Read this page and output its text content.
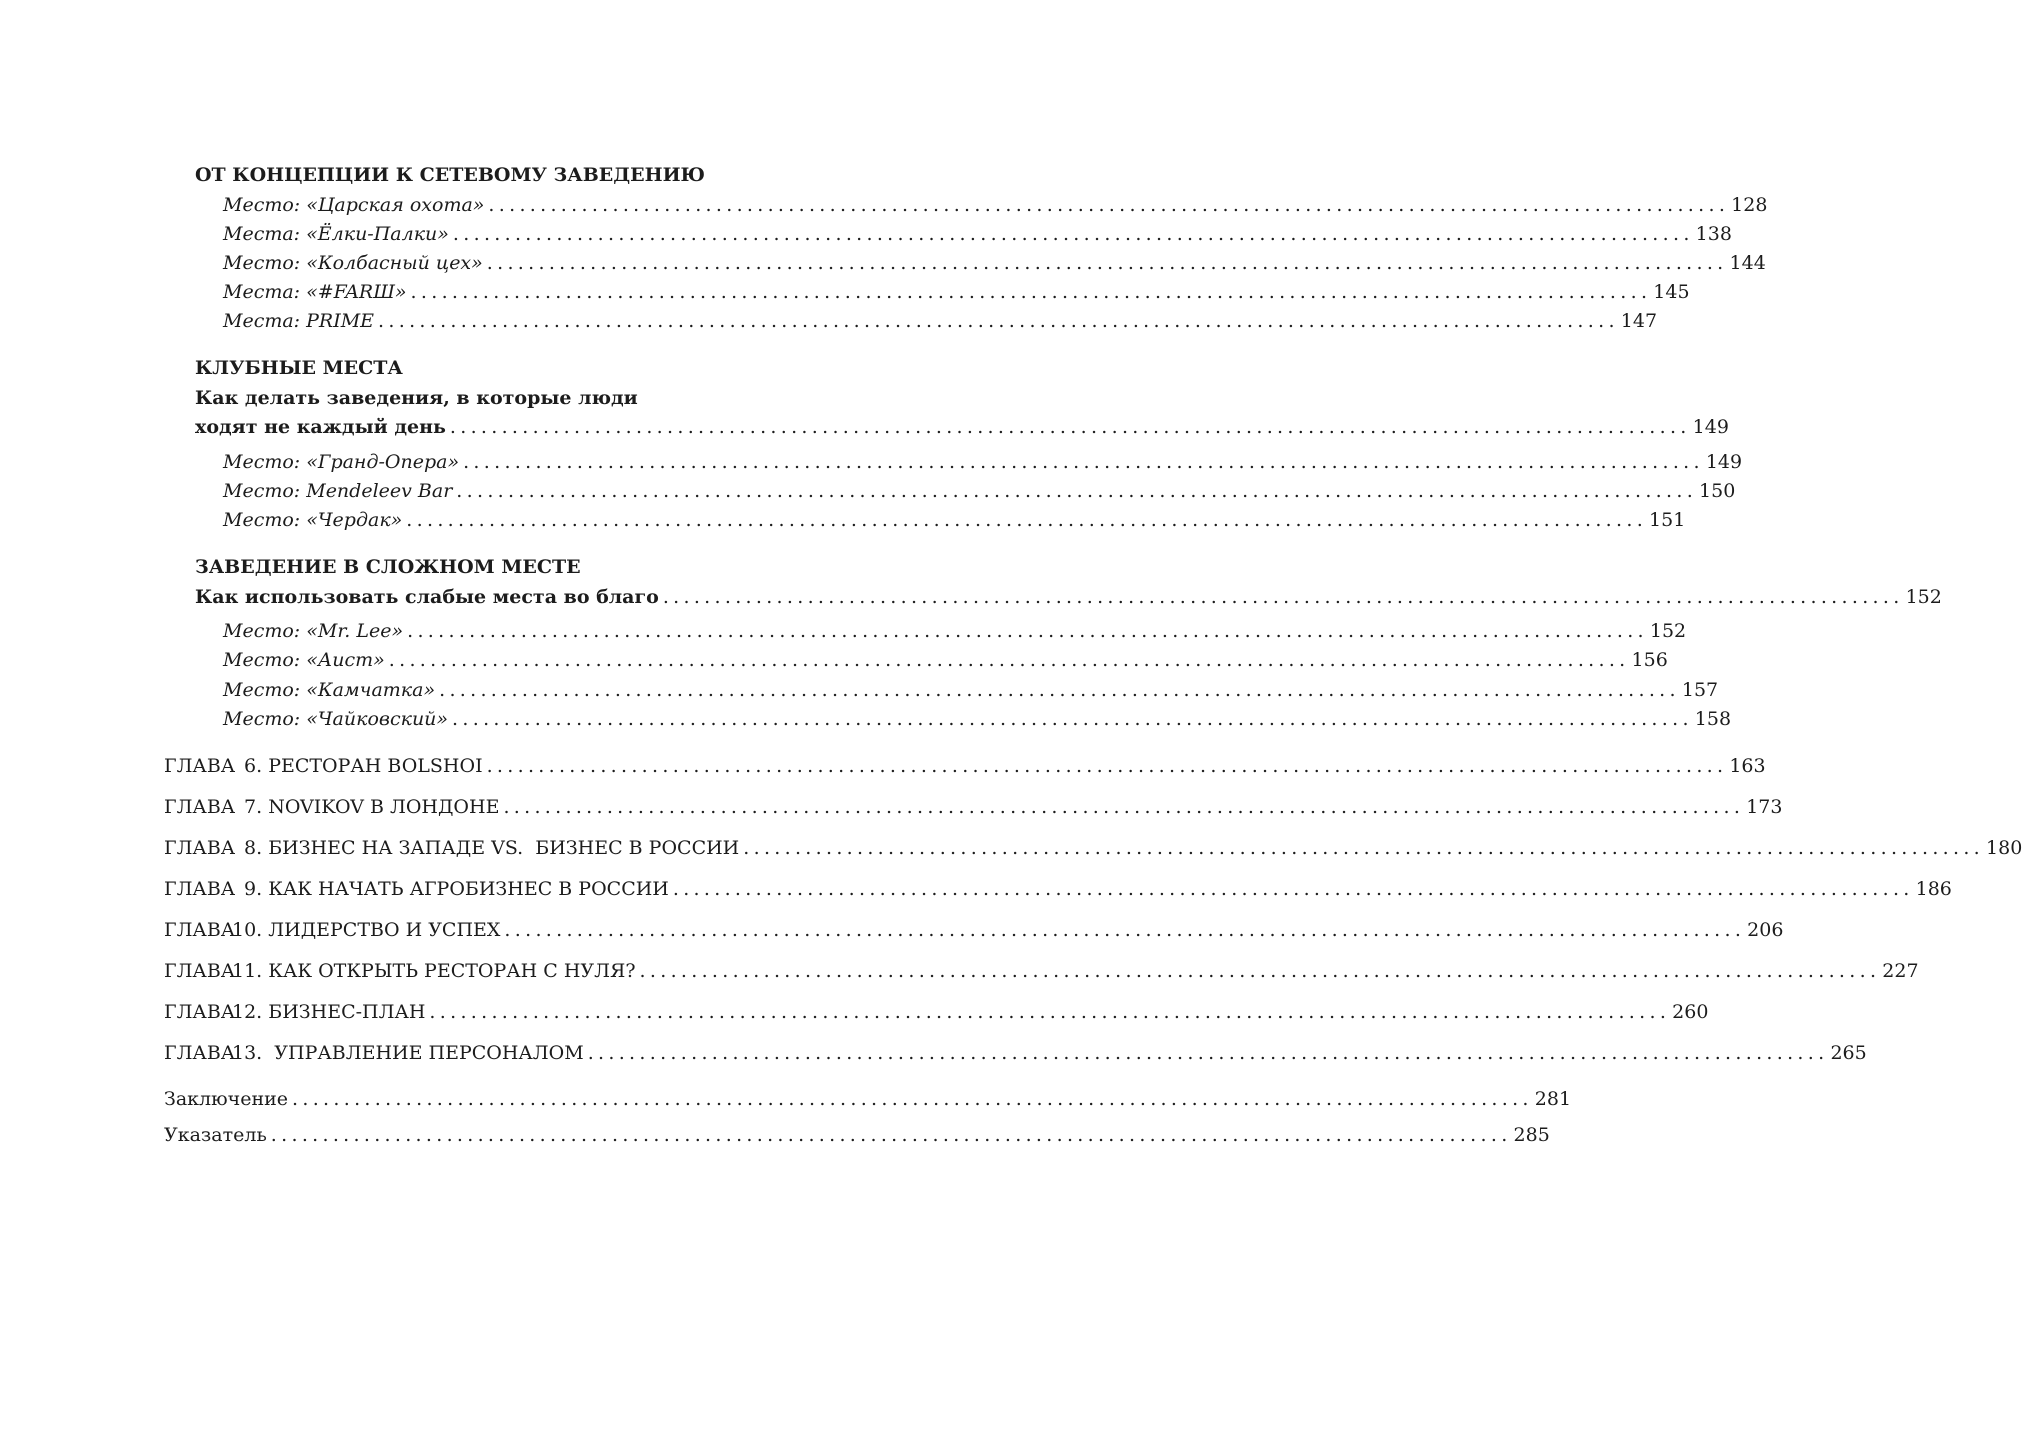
ОТ КОНЦЕПЦИИ К СЕТЕВОМУ ЗАВЕДЕНИЮ
Место: «Царская охота» ........................................................................................................................ 128
Места: «Ёлки-Палки» ........................................................................................................................ 138
Место: «Колбасный цех» ........................................................................................................................ 144
Места: «#FARШ» ........................................................................................................................ 145
Места: PRIME ........................................................................................................................ 147
КЛУБНЫЕ МЕСТА
Как делать заведения, в которые люди
ходят не каждый день ........................................................................................................................ 149
Место: «Гранд-Опера» ........................................................................................................................ 149
Место: Mendeleev Bar ........................................................................................................................ 150
Место: «Чердак» ........................................................................................................................ 151
ЗАВЕДЕНИЕ В СЛОЖНОМ МЕСТЕ
Как использовать слабые места во благо ........................................................................................................................ 152
Место: «Mr. Lee» ........................................................................................................................ 152
Место: «Аист» ........................................................................................................................ 156
Место: «Камчатка» ........................................................................................................................ 157
Место: «Чайковский» ........................................................................................................................ 158
ГЛАВА 6. РЕСТОРАН BOLSHOI ........................................................................................................................ 163
ГЛАВА 7. NOVIKOV В ЛОНДОНЕ ........................................................................................................................ 173
ГЛАВА 8. БИЗНЕС НА ЗАПАДЕ VS.  БИЗНЕС В РОССИИ ........................................................................................................................ 180
ГЛАВА 9. КАК НАЧАТЬ АГРОБИЗНЕС В РОССИИ ........................................................................................................................ 186
ГЛАВА10. ЛИДЕРСТВО И УСПЕХ ........................................................................................................................ 206
ГЛАВА11. КАК ОТКРЫТЬ РЕСТОРАН С НУЛЯ? ........................................................................................................................ 227
ГЛАВА12. БИЗНЕС-ПЛАН ........................................................................................................................ 260
ГЛАВА13.  УПРАВЛЕНИЕ ПЕРСОНАЛОМ ........................................................................................................................ 265
Заключение ........................................................................................................................ 281
Указатель ........................................................................................................................ 285
